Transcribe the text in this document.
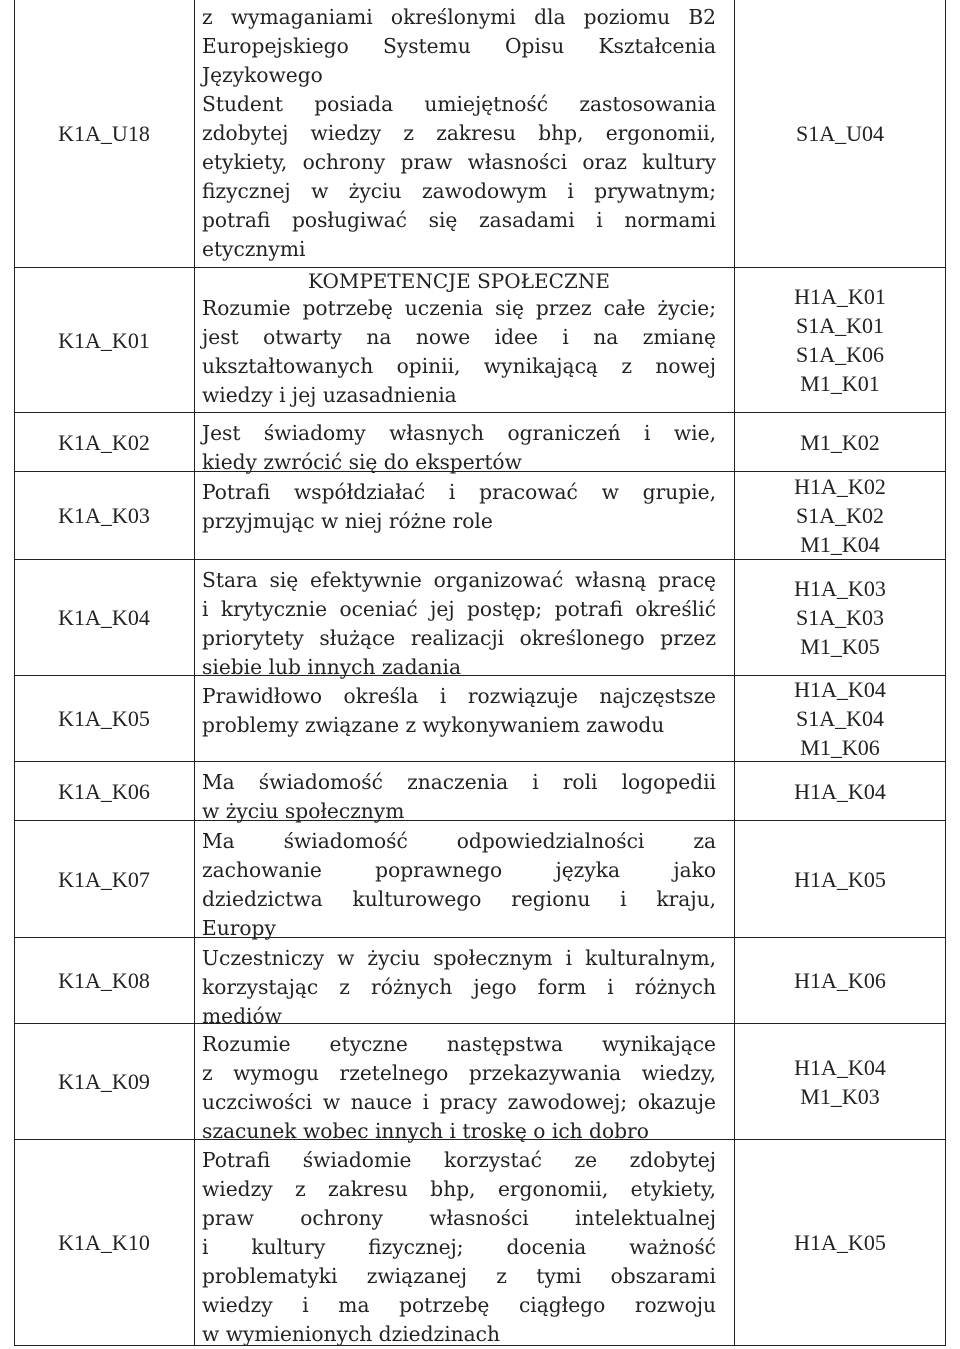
K1A_U18
z wymaganiami określonymi dla poziomu B2
Europejskiego Systemu Opisu Kształcenia
Językowego
Student posiada umiejętność zastosowania
zdobytej wiedzy z zakresu bhp, ergonomii,
etykiety, ochrony praw własności oraz kultury
fizycznej w życiu zawodowym i prywatnym;
potrafi posługiwać się zasadami i normami
etycznymi
S1A_U04
K1A_K01
KOMPETENCJE SPOŁECZNE
Rozumie potrzebę uczenia się przez całe życie;
jest otwarty na nowe idee i na zmianę
ukształtowanych opinii, wynikającą z nowej
wiedzy i jej uzasadnienia
H1A_K01
S1A_K01
S1A_K06
M1_K01
K1A_K02	Jest świadomy własnych ograniczeń i wie,
kiedy zwrócić się do ekspertów
M1_K02
K1A_K03
Potrafi współdziałać i pracować w grupie,
przyjmując w niej różne role
H1A_K02
S1A_K02
M1_K04
K1A_K04
Stara się efektywnie organizować własną pracę
i krytycznie oceniać jej postęp; potrafi określić
priorytety służące realizacji określonego przez
siebie lub innych zadania
H1A_K03
S1A_K03
M1_K05
K1A_K05
Prawidłowo określa i rozwiązuje najczęstsze
problemy związane z wykonywaniem zawodu
H1A_K04
S1A_K04
M1_K06
K1A_K06	Ma świadomość znaczenia i roli logopedii
w życiu społecznym
H1A_K04
K1A_K07
Ma świadomość odpowiedzialności za
zachowanie poprawnego języka jako
dziedzictwa kulturowego regionu i kraju,
Europy
H1A_K05
K1A_K08
Uczestniczy w życiu społecznym i kulturalnym,
korzystając z różnych jego form i różnych
mediów
H1A_K06
K1A_K09
Rozumie etyczne następstwa wynikające
z wymogu rzetelnego przekazywania wiedzy,
uczciwości w nauce i pracy zawodowej; okazuje
szacunek wobec innych i troskę o ich dobro
H1A_K04
M1_K03
K1A_K10
Potrafi świadomie korzystać ze zdobytej
wiedzy z zakresu bhp, ergonomii, etykiety,
praw ochrony własności intelektualnej
i kultury fizycznej; docenia ważność
problematyki związanej z tymi obszarami
wiedzy i ma potrzebę ciągłego rozwoju
w wymienionych dziedzinach
H1A_K05
